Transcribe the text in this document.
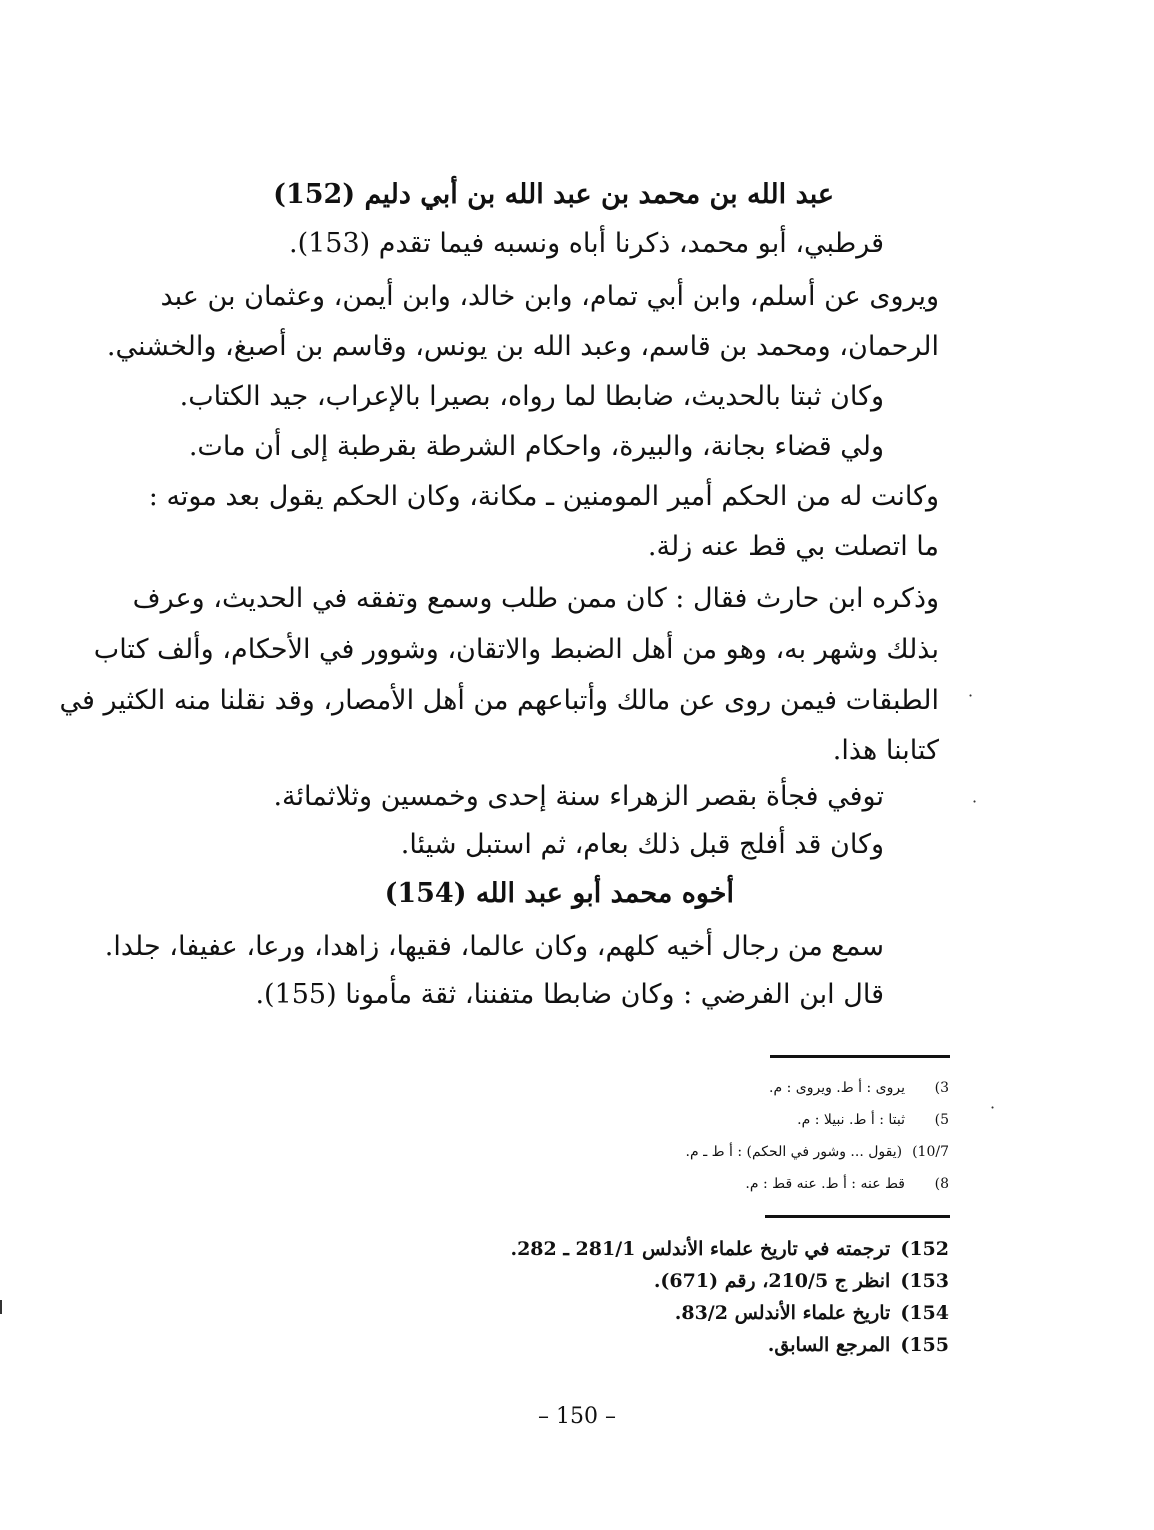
عبد الله بن محمد بن عبد الله بن أبي دليم (152)
قرطبي، أبو محمد، ذكرنا أباه ونسبه فيما تقدم (153).
ويروى عن أسلم، وابن أبي تمام، وابن خالد، وابن أيمن، وعثمان بن عبد
الرحمان، ومحمد بن قاسم، وعبد الله بن يونس، وقاسم بن أصبغ، والخشني.
وكان ثبتا بالحديث، ضابطا لما رواه، بصيرا بالإعراب، جيد الكتاب.
ولي قضاء بجانة، والبيرة، واحكام الشرطة بقرطبة إلى أن مات.
وكانت له من الحكم أمير المومنين ـ مكانة، وكان الحكم يقول بعد موته :
ما اتصلت بي قط عنه زلة.
وذكره ابن حارث فقال : كان ممن طلب وسمع وتفقه في الحديث، وعرف
بذلك وشهر به، وهو من أهل الضبط والاتقان، وشوور في الأحكام، وألف كتاب
الطبقات فيمن روى عن مالك وأتباعهم من أهل الأمصار، وقد نقلنا منه الكثير في
كتابنا هذا.
توفي فجأة بقصر الزهراء سنة إحدى وخمسين وثلاثمائة.
وكان قد أفلج قبل ذلك بعام، ثم استبل شيئا.
أخوه محمد أبو عبد الله (154)
سمع من رجال أخيه كلهم، وكان عالما، فقيها، زاهدا، ورعا، عفيفا، جلدا.
قال ابن الفرضي : وكان ضابطا متفننا، ثقة مأمونا (155).
3)يروى : أ ط. ويروى : م.
5)ثبتا : أ ط. نبيلا : م.
10/7)(يقول ... وشور في الحكم) : أ ط ـ م.
8)قط عنه : أ ط. عنه قط : م.
152)ترجمته في تاريخ علماء الأندلس 281/1 ـ 282.
153)انظر ج 210/5، رقم (671).
154)تاريخ علماء الأندلس 83/2.
155)المرجع السابق.
– 150 –
·
·
·
